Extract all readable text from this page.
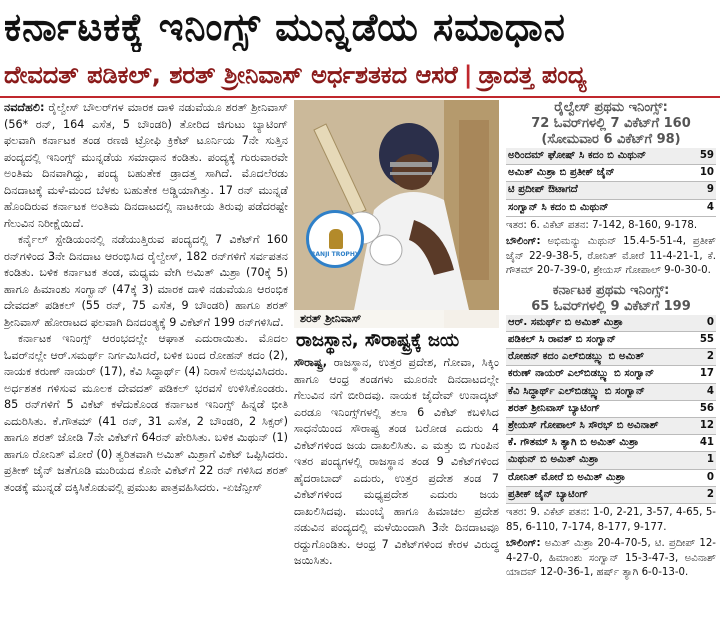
ಕರ್ನಾಟಕಕ್ಕೆ ಇನಿಂಗ್ಸ್ ಮುನ್ನಡೆಯ ಸಮಾಧಾನ
ದೇವದತ್ ಪಡಿಕಲ್, ಶರತ್ ಶ್ರೀನಿವಾಸ್ ಅರ್ಧಶತಕದ ಆಸರೆ | ಡ್ರಾದತ್ತ ಪಂದ್ಯ

ನವದೆಹಲಿ: ರೈಲ್ವೇಸ್ ಬೌಲರ್‌ಗಳ ಮಾರಕ ದಾಳಿ ನಡುವೆಯೂ ಶರತ್ ಶ್ರೀನಿವಾಸ್ (56* ರನ್, 164 ಎಸೆತ, 5 ಬೌಂಡರಿ) ತೋರಿದ ಜಿಗುಟು ಬ್ಯಾಟಿಂಗ್ ಫಲವಾಗಿ ಕರ್ನಾಟಕ ತಂಡ ರಣಜಿ ಟ್ರೋಫಿ ಕ್ರಿಕೆಟ್ ಟೂರ್ನಿಯ 7ನೇ ಸುತ್ತಿನ ಪಂದ್ಯದಲ್ಲಿ ಇನಿಂಗ್ಸ್ ಮುನ್ನಡೆಯ ಸಮಾಧಾನ ಕಂಡಿತು. ಪಂದ್ಯಕ್ಕೆ ಗುರುವಾರವೇ ಅಂತಿಮ ದಿನವಾಗಿದ್ದು, ಪಂದ್ಯ ಬಹುತೇಕ ಡ್ರಾದತ್ತ ಸಾಗಿದೆ. ಮೊದಲೆರಡು ದಿನದಾಟಕ್ಕೆ ಮಳೆ-ಮಂದ ಬೆಳಕು ಬಹುತೇಕ ಅಡ್ಡಿಯಾಗಿತ್ತು. 17 ರನ್ ಮುನ್ನಡೆ ಹೊಂದಿರುವ ಕರ್ನಾಟಕ ಅಂತಿಮ ದಿನದಾಟದಲ್ಲಿ ನಾಟಕೀಯ ತಿರುವು ಪಡೆದರಷ್ಟೇ ಗೆಲುವಿನ ನಿರೀಕ್ಷೆಯಿದೆ.

ಕರ್ನೈಲ್ ಸ್ಟೇಡಿಯಂನಲ್ಲಿ ನಡೆಯುತ್ತಿರುವ ಪಂದ್ಯದಲ್ಲಿ 7 ವಿಕೆಟ್‌ಗೆ 160 ರನ್‌ಗಳಿಂದ 3ನೇ ದಿನದಾಟ ಆರಂಭಿಸಿದ ರೈಲ್ವೇಸ್, 182 ರನ್‌ಗಳಿಗೆ ಸರ್ವಪತನ ಕಂಡಿತು. ಬಳಿಕ ಕರ್ನಾಟಕ ತಂಡ, ಮಧ್ಯಮ ವೇಗಿ ಅಮಿತ್ ಮಿಶ್ರಾ (70ಕ್ಕೆ 5) ಹಾಗೂ ಹಿಮಾಂಶು ಸಂಗ್ವಾನ್ (47ಕ್ಕೆ 3) ಮಾರಕ ದಾಳಿ ನಡುವೆಯೂ ಆರಂಭಿಕ ದೇವದತ್ ಪಡಿಕಲ್ (55 ರನ್, 75 ಎಸೆತ, 9 ಬೌಂಡರಿ) ಹಾಗೂ ಶರತ್ ಶ್ರೀನಿವಾಸ್ ಹೋರಾಟದ ಫಲವಾಗಿ ದಿನದಂತ್ಯಕ್ಕೆ 9 ವಿಕೆಟ್‌ಗೆ 199 ರನ್‌ಗಳಿಸಿದೆ.

ಕರ್ನಾಟಕ ಇನಿಂಗ್ಸ್ ಆರಂಭದಲ್ಲೇ ಆಘಾತ ಎದುರಾಯಿತು. ಮೊದಲ ಓವರ್‌ನಲ್ಲೇ ಆರ್.ಸಮರ್ಥ್ ನಿರ್ಗಮಿಸಿದರೆ, ಬಳಿಕ ಬಂದ ರೋಹನ್ ಕದಂ (2), ನಾಯಕ ಕರುಣ್ ನಾಯರ್ (17), ಕೆವಿ ಸಿದ್ಧಾರ್ಥ್ (4) ನಿರಾಸೆ ಅನುಭವಿಸಿದರು. ಅರ್ಧಶತಕ ಗಳಿಸುವ ಮೂಲಕ ದೇವದತ್ ಪಡಿಕಲ್ ಭರವಸೆ ಉಳಿಸಿಕೊಂಡರು. 85 ರನ್‌ಗಳಿಗೆ 5 ವಿಕೆಟ್ ಕಳೆದುಕೊಂಡ ಕರ್ನಾಟಕ ಇನಿಂಗ್ಸ್ ಹಿನ್ನಡೆ ಭೀತಿ ಎದುರಿಸಿತು. ಕೆ.ಗೌತಮ್ (41 ರನ್, 31 ಎಸೆತ, 2 ಬೌಂಡರಿ, 2 ಸಿಕ್ಸರ್) ಹಾಗೂ ಶರತ್ ಜೋಡಿ 7ನೇ ವಿಕೆಟ್‌ಗೆ 64ರನ್ ಪೇರಿಸಿತು. ಬಳಿಕ ಮಿಥುನ್ (1) ಹಾಗೂ ರೋನಿತ್ ಮೋರೆ (0) ತ್ವರಿತವಾಗಿ ಅಮಿತ್ ಮಿಶ್ರಾಗೆ ವಿಕೆಟ್ ಒಪ್ಪಿಸಿದರು. ಪ್ರತೀಕ್ ಜೈನ್ ಜತೆಗೂಡಿ ಮುರಿಯದ ಕೊನೇ ವಿಕೆಟ್‌ಗೆ 22 ರನ್ ಗಳಿಸಿದ ಶರತ್ ತಂಡಕ್ಕೆ ಮುನ್ನಡೆ ದಕ್ಕಿಸಿಕೊಡುವಲ್ಲಿ ಪ್ರಮುಖ ಪಾತ್ರವಹಿಸಿದರು. -ಏಜೆನ್ಸೀಸ್

RANJI TROPHY
ಶರತ್ ಶ್ರೀನಿವಾಸ್
ರಾಜಸ್ಥಾನ, ಸೌರಾಷ್ಟ್ರಕ್ಕೆ ಜಯ

ಸೌರಾಷ್ಟ್ರ, ರಾಜಸ್ಥಾನ, ಉತ್ತರ ಪ್ರದೇಶ, ಗೋವಾ, ಸಿಕ್ಕಿಂ ಹಾಗೂ ಆಂಧ್ರ ತಂಡಗಳು ಮೂರನೇ ದಿನದಾಟದಲ್ಲೇ ಗೆಲುವಿನ ನಗೆ ಬೀರಿದವು. ನಾಯಕ ಜೈದೇವ್ ಉನಾದ್ಕಟ್ ಎರಡೂ ಇನಿಂಗ್ಸ್‌ಗಳಲ್ಲಿ ತಲಾ 6 ವಿಕೆಟ್ ಕಬಳಿಸಿದ ಸಾಧನೆಯಿಂದ ಸೌರಾಷ್ಟ್ರ ತಂಡ ಬರೋಡ ಎದುರು 4 ವಿಕೆಟ್‌ಗಳಿಂದ ಜಯ ದಾಖಲಿಸಿತು. ಎ ಮತ್ತು ಬಿ ಗುಂಪಿನ ಇತರ ಪಂದ್ಯಗಳಲ್ಲಿ ರಾಜಸ್ಥಾನ ತಂಡ 9 ವಿಕೆಟ್‌ಗಳಿಂದ ಹೈದರಾಬಾದ್ ಎದುರು, ಉತ್ತರ ಪ್ರದೇಶ ತಂಡ 7 ವಿಕೆಟ್‌ಗಳಿಂದ ಮಧ್ಯಪ್ರದೇಶ ಎದುರು ಜಯ ದಾಖಲಿಸಿದವು. ಮುಂಬೈ ಹಾಗೂ ಹಿಮಾಚಲ ಪ್ರದೇಶ ನಡುವಿನ ಪಂದ್ಯದಲ್ಲಿ ಮಳೆಯಿಂದಾಗಿ 3ನೇ ದಿನದಾಟವೂ ರದ್ದುಗೊಂಡಿತು. ಆಂಧ್ರ 7 ವಿಕೆಟ್‌ಗಳಿಂದ ಕೇರಳ ವಿರುದ್ಧ ಜಯಿಸಿತು.

ರೈಲ್ವೇಸ್ ಪ್ರಥಮ ಇನಿಂಗ್ಸ್:
72 ಓವರ್‌ಗಳಲ್ಲಿ 7 ವಿಕೆಟ್‌ಗೆ 160
(ಸೋಮವಾರ 6 ವಿಕೆಟ್‌ಗೆ 98)
ಅರಿಂದಮ್ ಘೋಷ್ ಸಿ ಕದಂ ಬಿ ಮಿಥುನ್	59
ಅಮಿತ್ ಮಿಶ್ರಾ ಬಿ ಪ್ರತೀಕ್ ಜೈನ್	10
ಟಿ ಪ್ರದೀಪ್ ಔಟಾಗದೆ	9
ಸಂಗ್ವಾನ್ ಸಿ ಕದಂ ಬಿ ಮಿಥುನ್	4
ಇತರ: 6. ವಿಕೆಟ್ ಪತನ: 7-142, 8-160, 9-178.
ಬೌಲಿಂಗ್: ಅಭಿಮನ್ಯು ಮಿಥುನ್ 15.4-5-51-4, ಪ್ರತೀಕ್ ಜೈನ್ 22-9-38-5, ರೋನಿತ್ ಮೋರೆ 11-4-21-1, ಕೆ. ಗೌತಮ್ 20-7-39-0, ಶ್ರೇಯಸ್ ಗೋಪಾಲ್ 9-0-30-0.
ಕರ್ನಾಟಕ ಪ್ರಥಮ ಇನಿಂಗ್ಸ್:
65 ಓವರ್‌ಗಳಲ್ಲಿ 9 ವಿಕೆಟ್‌ಗೆ 199
ಆರ್. ಸಮರ್ಥ್ ಬಿ ಅಮಿತ್ ಮಿಶ್ರಾ	0
ಪಡಿಕಲ್ ಸಿ ರಾವತ್ ಬಿ ಸಂಗ್ವಾನ್	55
ರೋಹನ್ ಕದಂ ಎಲ್‌ಬಿಡಬ್ಲ್ಯು ಬಿ ಅಮಿತ್	2
ಕರುಣ್ ನಾಯರ್ ಎಲ್‌ಬಿಡಬ್ಲ್ಯು ಬಿ ಸಂಗ್ವಾನ್	17
ಕೆವಿ ಸಿದ್ಧಾರ್ಥ್ ಎಲ್‌ಬಿಡಬ್ಲ್ಯು ಬಿ ಸಂಗ್ವಾನ್	4
ಶರತ್ ಶ್ರೀನಿವಾಸ್ ಬ್ಯಾಟಿಂಗ್	56
ಶ್ರೇಯಸ್ ಗೋಪಾಲ್ ಸಿ ಸೌರಭ್ ಬಿ ಅವಿನಾಶ್	12
ಕೆ. ಗೌತಮ್ ಸಿ ತ್ಯಾಗಿ ಬಿ ಅಮಿತ್ ಮಿಶ್ರಾ	41
ಮಿಥುನ್ ಬಿ ಅಮಿತ್ ಮಿಶ್ರಾ	1
ರೋನಿತ್ ಮೋರೆ ಬಿ ಅಮಿತ್ ಮಿಶ್ರಾ	0
ಪ್ರತೀಕ್ ಜೈನ್ ಬ್ಯಾಟಿಂಗ್	2
ಇತರ: 9. ವಿಕೆಟ್ ಪತನ: 1-0, 2-21, 3-57, 4-65, 5-85, 6-110, 7-174, 8-177, 9-177.
ಬೌಲಿಂಗ್: ಅಮಿತ್ ಮಿಶ್ರಾ 20-4-70-5, ಟಿ. ಪ್ರದೀಪ್ 12-4-27-0, ಹಿಮಾಂಶು ಸಂಗ್ವಾನ್ 15-3-47-3, ಅವಿನಾಶ್ ಯಾದವ್ 12-0-36-1, ಹರ್ಷ್ ತ್ಯಾಗಿ 6-0-13-0.
